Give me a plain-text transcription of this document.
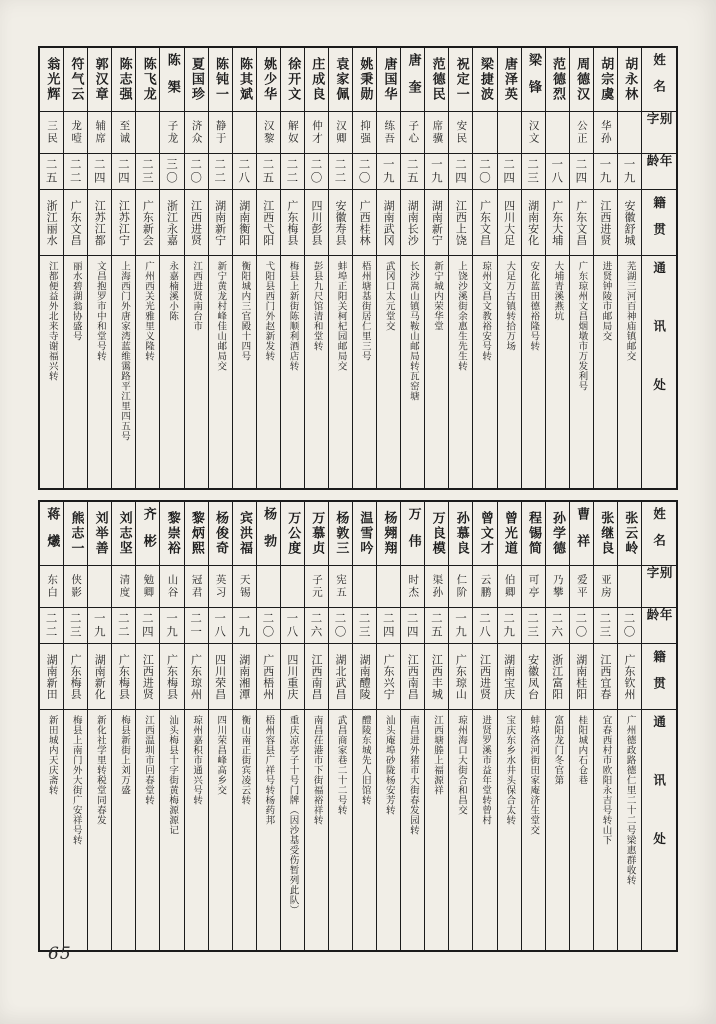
姓名
别字
年龄
籍贯
通讯处
胡永林
一九
安徽舒城
芜湖三河百神庙镇邮交
胡宗虞
华孙
一九
江西进贤
进贤钟陵市邮局交
周德汉
公正
二四
广东文昌
广东琼州文昌烟墩市万发利号
范德烈
一八
广东大埔
大埔青溪燕坑
梁锋
汉文
二三
湖南安化
安化蓝田德裕隆号转
唐泽英
二四
四川大足
大足万古镇转拾万场
梁捷波
二〇
广东文昌
琼州文昌文教裕安号转
祝定一
安民
二四
江西上饶
上饶沙溪街余惠生先生转
范德民
席骥
一九
湖南新宁
新宁城内荣华堂
唐奎
子心
二五
湖南长沙
长沙嵩山镇马鞍山邮局转瓦窑塘
唐国华
练吾
一九
湖南武冈
武冈口太元堂交
姚秉勋
抑强
二〇
广西桂林
梧州塘基街居仁里三号
袁家佩
汉卿
二二
安徽寿县
蚌埠正阳关柯杞园邮局交
庄成良
仲才
二〇
四川彭县
彭县九尺馆清和堂转
徐开文
解奴
二二
广东梅县
梅县上新街陈顺利酒店转
姚少华
汉黎
二五
江西弋阳
弋阳县西门外赵新发转
陈其斌
二八
湖南衡阳
衡阳城内三官殿十四号
陈钝一
静于
二二
湖南新宁
新宁黄龙村峰佳山邮局交
夏国珍
济众
二〇
江西进贤
江西进贤南台市
陈榘
子龙
三〇
浙江永嘉
永嘉楠溪小陈
陈飞龙
二三
广东新会
广州西关光雅里义隆转
陈志强
至诚
二四
江苏江宁
上海西门外唐家湾蓝维霭路平江里四五号
郭汉章
辅席
二四
江苏江都
文昌抱罗市中和堂号转
符气云
龙噎
二二
广东文昌
丽水碧湖翁协盛号
翁光辉
三民
二五
浙江丽水
江都便益外北来寺谢福兴转
姓名
别字
年龄
籍贯
通讯处
张云岭
二〇
广东钦州
广州德政路德仁里二十二号梁惠群收转
张继良
亚房
二三
江西宜春
宜春西村市欧阳永吉号转山下
曹祥
爱平
二〇
湖南桂阳
桂阳城内石仓巷
孙学德
乃攀
二六
浙江富阳
富阳龙门冬官第
程锡简
可亭
二三
安徽凤台
蚌埠洛河街田家庵济生堂交
曾光道
伯卿
二九
湖南宝庆
宝庆东乡水井头保合太转
曾文才
云鹏
二八
江西进贤
进贤罗溪市益年堂转曾村
孙慕良
仁阶
一九
广东琼山
琼州海口大街合和昌交
万良模
渠孙
二五
江西丰城
江西塘塍上福源祥
万伟
时杰
二四
江西南昌
南昌进外猪市大街春发园转
杨翙翔
二四
广东兴宁
汕头庵埠砂陇杨安芳转
温雪吟
二三
湖南醴陵
醴陵东城先人旧馆转
杨敦三
宪五
二〇
湖北武昌
武昌商家巷二十二号转
万慕贞
子元
二六
江西南昌
南昌茌港市下街福裕祥转
万公度
一八
四川重庆
重庆凉亭子十号门牌（因沙基受伤暂列此队）
杨勃
二〇
广西梧州
梧州容县广祥号转杨药邦
宾洪福
天锡
一九
湖南湘潭
衡山南正街宾凌云转
杨俊奇
英习
一八
四川荣昌
四川荣昌峰高乡交
黎炳熙
冠君
二一
广东琼州
琼州嘉积市通兴号转
黎崇裕
山谷
一九
广东梅县
汕头梅县十字街黄梅源源记
齐彬
勉卿
二四
江西进贤
江西温圳市回春堂转
刘志坚
清度
二二
广东梅县
梅县新街上刘万盛
刘举善
一九
湖南新化
新化社学里转税堂同春发
熊志一
侠影
二三
广东梅县
梅县上南门外大街广安祥号转
蒋爔
东白
二二
湖南新田
新田城内天庆斋转
65
